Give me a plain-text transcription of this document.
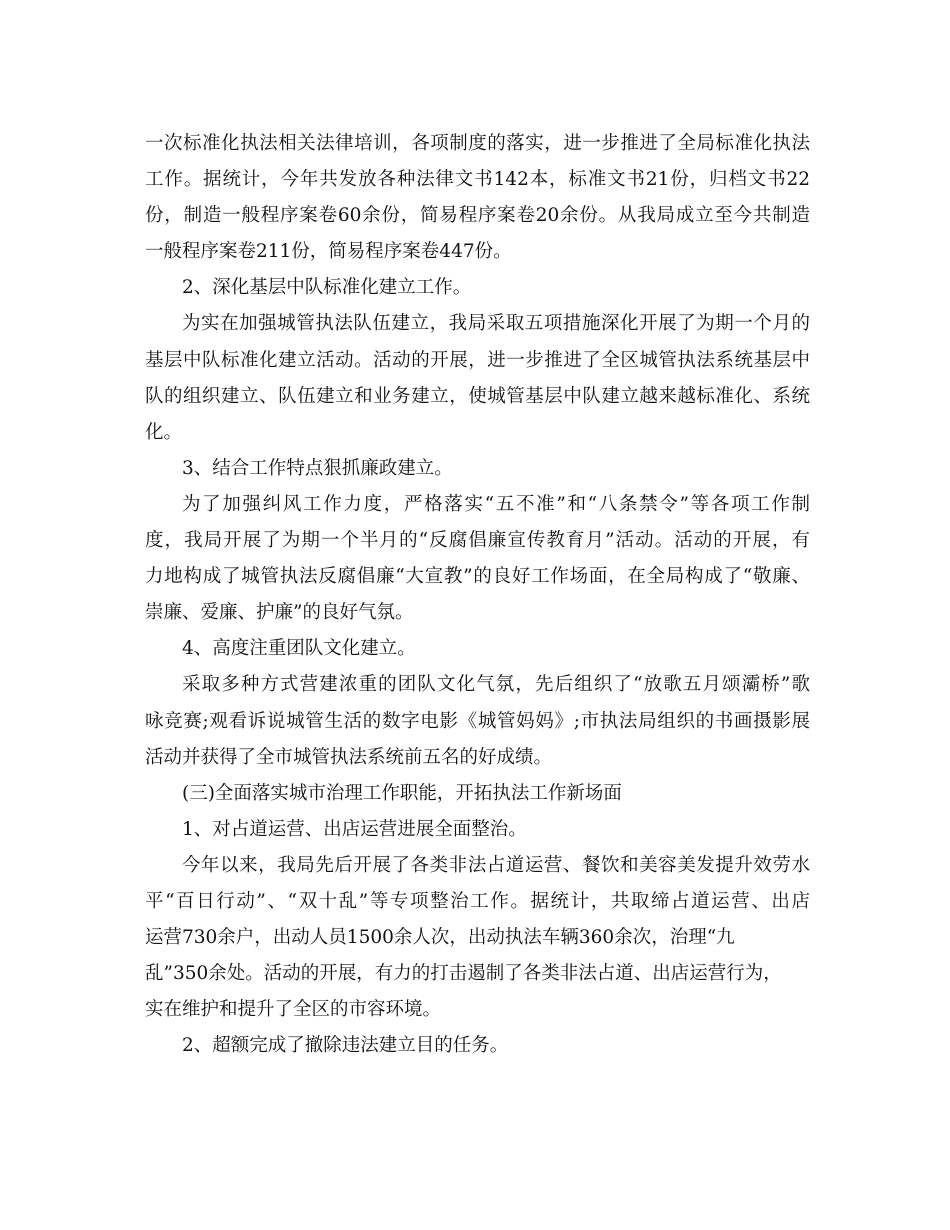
一次标准化执法相关法律培训，各项制度的落实，进一步推进了全局标准化执法
工作。据统计，今年共发放各种法律文书142本，标准文书21份，归档文书22
份，制造一般程序案卷60余份，简易程序案卷20余份。从我局成立至今共制造
一般程序案卷211份，简易程序案卷447份。
2、深化基层中队标准化建立工作。
为实在加强城管执法队伍建立，我局采取五项措施深化开展了为期一个月的
基层中队标准化建立活动。活动的开展，进一步推进了全区城管执法系统基层中
队的组织建立、队伍建立和业务建立，使城管基层中队建立越来越标准化、系统
化。
3、结合工作特点狠抓廉政建立。
为了加强纠风工作力度，严格落实“五不准”和“八条禁令”等各项工作制
度，我局开展了为期一个半月的“反腐倡廉宣传教育月”活动。活动的开展，有
力地构成了城管执法反腐倡廉“大宣教”的良好工作场面，在全局构成了“敬廉、
崇廉、爱廉、护廉”的良好气氛。
4、高度注重团队文化建立。
采取多种方式营建浓重的团队文化气氛，先后组织了“放歌五月颂灞桥”歌
咏竞赛;观看诉说城管生活的数字电影《城管妈妈》;市执法局组织的书画摄影展
活动并获得了全市城管执法系统前五名的好成绩。
(三)全面落实城市治理工作职能，开拓执法工作新场面
1、对占道运营、出店运营进展全面整治。
今年以来，我局先后开展了各类非法占道运营、餐饮和美容美发提升效劳水
平“百日行动”、“双十乱”等专项整治工作。据统计，共取缔占道运营、出店
运营730余户，出动人员1500余人次，出动执法车辆360余次，治理“九
乱”350余处。活动的开展，有力的打击遏制了各类非法占道、出店运营行为，
实在维护和提升了全区的市容环境。
2、超额完成了撤除违法建立目的任务。
